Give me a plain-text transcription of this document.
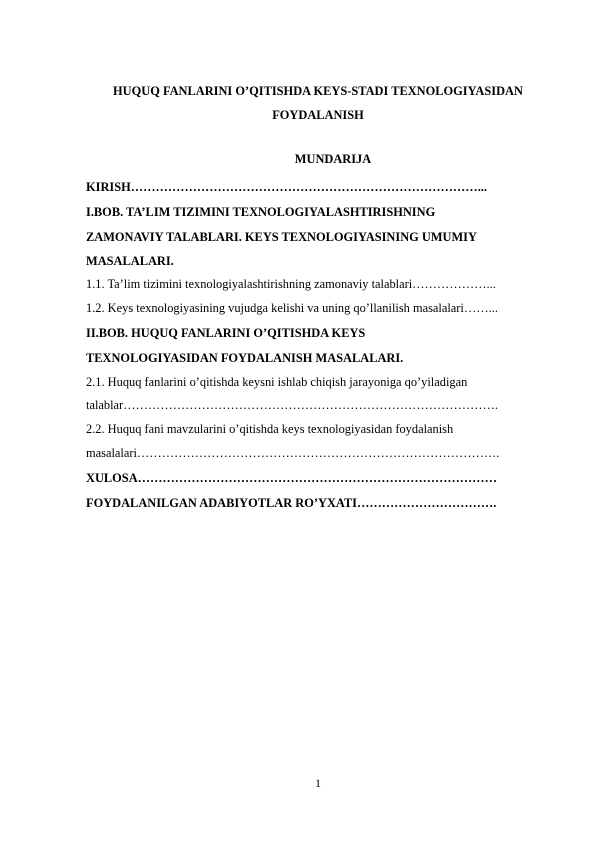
HUQUQ FANLARINI O’QITISHDA KEYS-STADI TEXNOLOGIYASIDAN
FOYDALANISH
MUNDARIJA
KIRISH…………………………………………………………………………...
I.BOB. TA’LIM TIZIMINI TEXNOLOGIYALASHTIRISHNING
ZAMONAVIY TALABLARI. KEYS TEXNOLOGIYASINING UMUMIY
MASALALARI.
1.1. Ta’lim tizimini texnologiyalashtirishning zamonaviy talablari………………...
1.2. Keys texnologiyasining vujudga kelishi va uning qo’llanilish masalalari……...
II.BOB. HUQUQ FANLARINI O’QITISHDA KEYS
TEXNOLOGIYASIDAN FOYDALANISH MASALALARI.
2.1. Huquq fanlarini o’qitishda keysni ishlab chiqish jarayoniga qo’yiladigan
talablar……………………………………………………………………………….
2.2. Huquq fani mavzularini o’qitishda keys texnologiyasidan foydalanish
masalalari…………………………………………………………………………….
XULOSA……………………………………………………………………………
FOYDALANILGAN ADABIYOTLAR RO’YXATI…………………………….
1
